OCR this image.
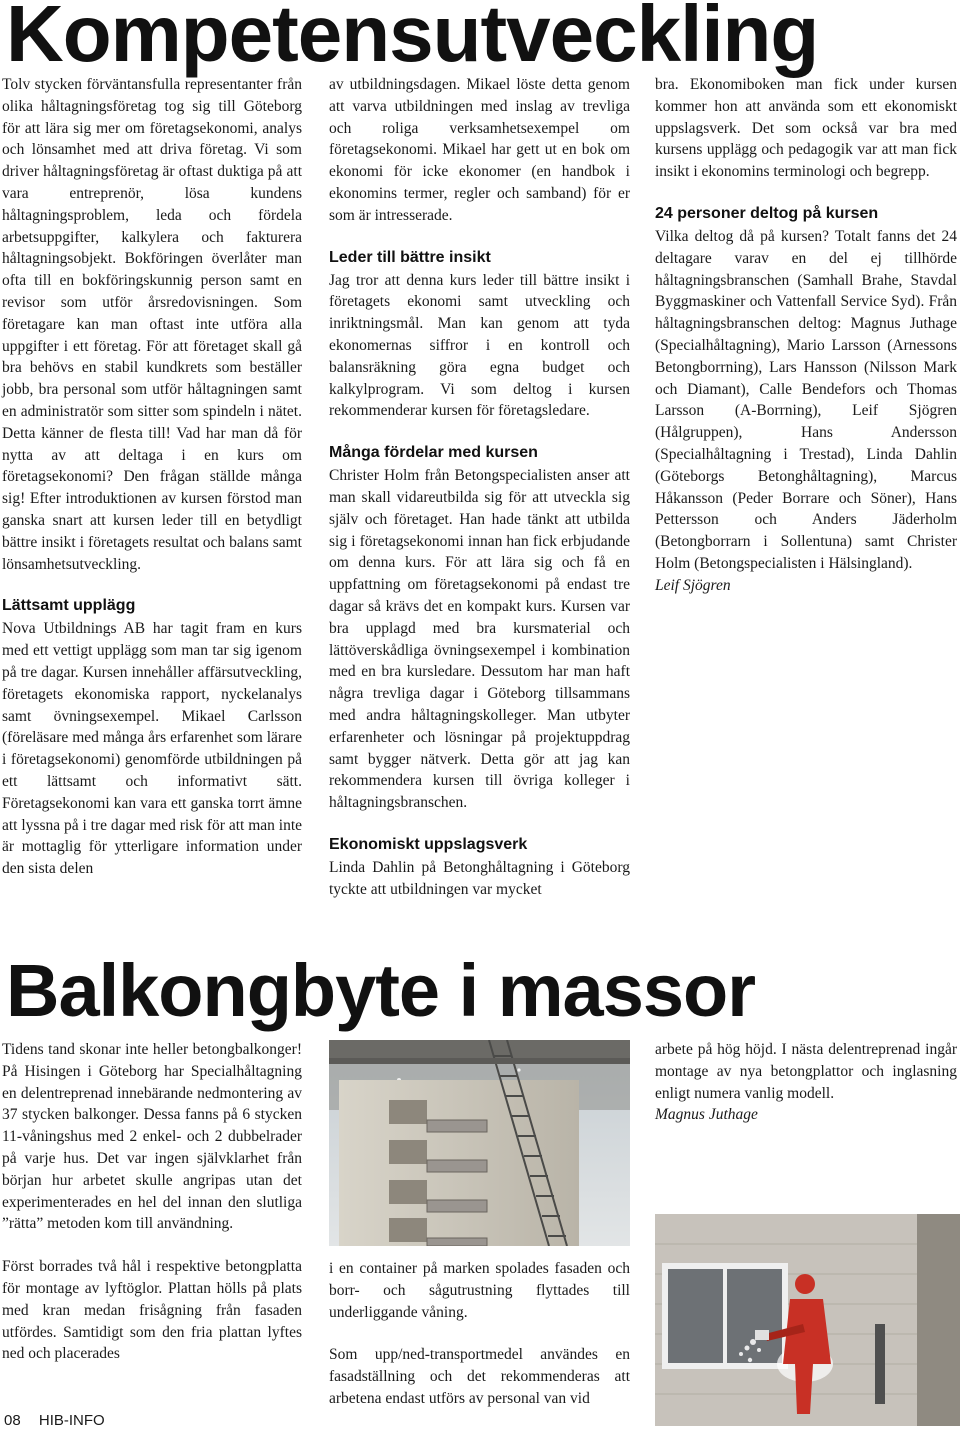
Kompetensutveckling

Tolv stycken förväntansfulla representanter från olika håltagningsföretag tog sig till Göteborg för att lära sig mer om företagsekonomi, analys och lönsamhet med att driva företag. Vi som driver håltagningsföretag är oftast duktiga på att vara entreprenör, lösa kundens håltagningsproblem, leda och fördela arbetsuppgifter, kalkylera och fakturera håltagningsobjekt. Bokföringen överlåter man ofta till en bokföringskunnig person samt en revisor som utför årsredovisningen. Som företagare kan man oftast inte utföra alla uppgifter i ett företag. För att företaget skall gå bra behövs en stabil kundkrets som beställer jobb, bra personal som utför håltagningen samt en administratör som sitter som spindeln i nätet. Detta känner de flesta till! Vad har man då för nytta av att deltaga i en kurs om företagsekonomi? Den frågan ställde många sig! Efter introduktionen av kursen förstod man ganska snart att kursen leder till en betydligt bättre insikt i företagets resultat och balans samt lönsamhetsutveckling.

Lättsamt upplägg

Nova Utbildnings AB har tagit fram en kurs med ett vettigt upplägg som man tar sig igenom på tre dagar. Kursen innehåller affärsutveckling, företagets ekonomiska rapport, nyckelanalys samt övningsexempel. Mikael Carlsson (föreläsare med många års erfarenhet som lärare i företagsekonomi) genomförde utbildningen på ett lättsamt och informativt sätt. Företagsekonomi kan vara ett ganska torrt ämne att lyssna på i tre dagar med risk för att man inte är mottaglig för ytterligare information under den sista delen

av utbildningsdagen. Mikael löste detta genom att varva utbildningen med inslag av trevliga och roliga verksamhetsexempel om företagsekonomi. Mikael har gett ut en bok om ekonomi för icke ekonomer (en handbok i ekonomins termer, regler och samband) för er som är intresserade.

Leder till bättre insikt

Jag tror att denna kurs leder till bättre insikt i företagets ekonomi samt utveckling och inriktningsmål. Man kan genom att tyda ekonomernas siffror i en kontroll och balansräkning göra egna budget och kalkylprogram. Vi som deltog i kursen rekommenderar kursen för företagsledare.

Många fördelar med kursen

Christer Holm från Betongspecialisten anser att man skall vidareutbilda sig för att utveckla sig själv och företaget. Han hade tänkt att utbilda sig i företagsekonomi innan han fick erbjudande om denna kurs. För att lära sig och få en uppfattning om företagsekonomi på endast tre dagar så krävs det en kompakt kurs. Kursen var bra upplagd med bra kursmaterial och lättöverskådliga övningsexempel i kombination med en bra kursledare. Dessutom har man haft några trevliga dagar i Göteborg tillsammans med andra håltagningskolleger. Man utbyter erfarenheter och lösningar på projektuppdrag samt bygger nätverk. Detta gör att jag kan rekommendera kursen till övriga kolleger i håltagningsbranschen.

Ekonomiskt uppslagsverk

Linda Dahlin på Betonghåltagning i Göteborg tyckte att utbildningen var mycket

bra. Ekonomiboken man fick under kursen kommer hon att använda som ett ekonomiskt uppslagsverk. Det som också var bra med kursens upplägg och pedagogik var att man fick insikt i ekonomins terminologi och begrepp.

24 personer deltog på kursen

Vilka deltog då på kursen? Totalt fanns det 24 deltagare varav en del ej tillhörde håltagningsbranschen (Samhall Brahe, Stavdal Byggmaskiner och Vattenfall Service Syd). Från håltagningsbranschen deltog: Magnus Juthage (Specialhåltagning), Mario Larsson (Arnessons Betongborrning), Lars Hansson (Nilsson Mark och Diamant), Calle Bendefors och Thomas Larsson (A-Borrning), Leif Sjögren (Hålgruppen), Hans Andersson (Specialhåltagning i Trestad), Linda Dahlin (Göteborgs Betonghåltagning), Marcus Håkansson (Peder Borrare och Söner), Hans Pettersson och Anders Jäderholm (Betongborrarn i Sollentuna) samt Christer Holm (Betongspecialisten i Hälsingland).

Leif Sjögren
Balkongbyte i massor

Tidens tand skonar inte heller betongbalkonger! På Hisingen i Göteborg har Specialhåltagning en delentreprenad innebärande nedmontering av 37 stycken balkonger. Dessa fanns på 6 stycken 11-våningshus med 2 enkel- och 2 dubbelrader på varje hus. Det var ingen självklarhet från början hur arbetet skulle angripas utan det experimenterades en hel del innan den slutliga ”rätta” metoden kom till användning.

Först borrades två hål i respektive betongplatta för montage av lyftöglor. Plattan hölls på plats med kran medan frisågning från fasaden utfördes. Samtidigt som den fria plattan lyftes ned och placerades

i en container på marken spolades fasaden och borr- och sågutrustning flyttades till underliggande våning.

Som upp/ned-transportmedel användes en fasadställning och det rekommenderas att arbetena endast utförs av personal van vid

arbete på hög höjd. I nästa delentreprenad ingår montage av nya betongplattor och inglasning enligt numera vanlig modell.

Magnus Juthage
08 HIB-INFO
